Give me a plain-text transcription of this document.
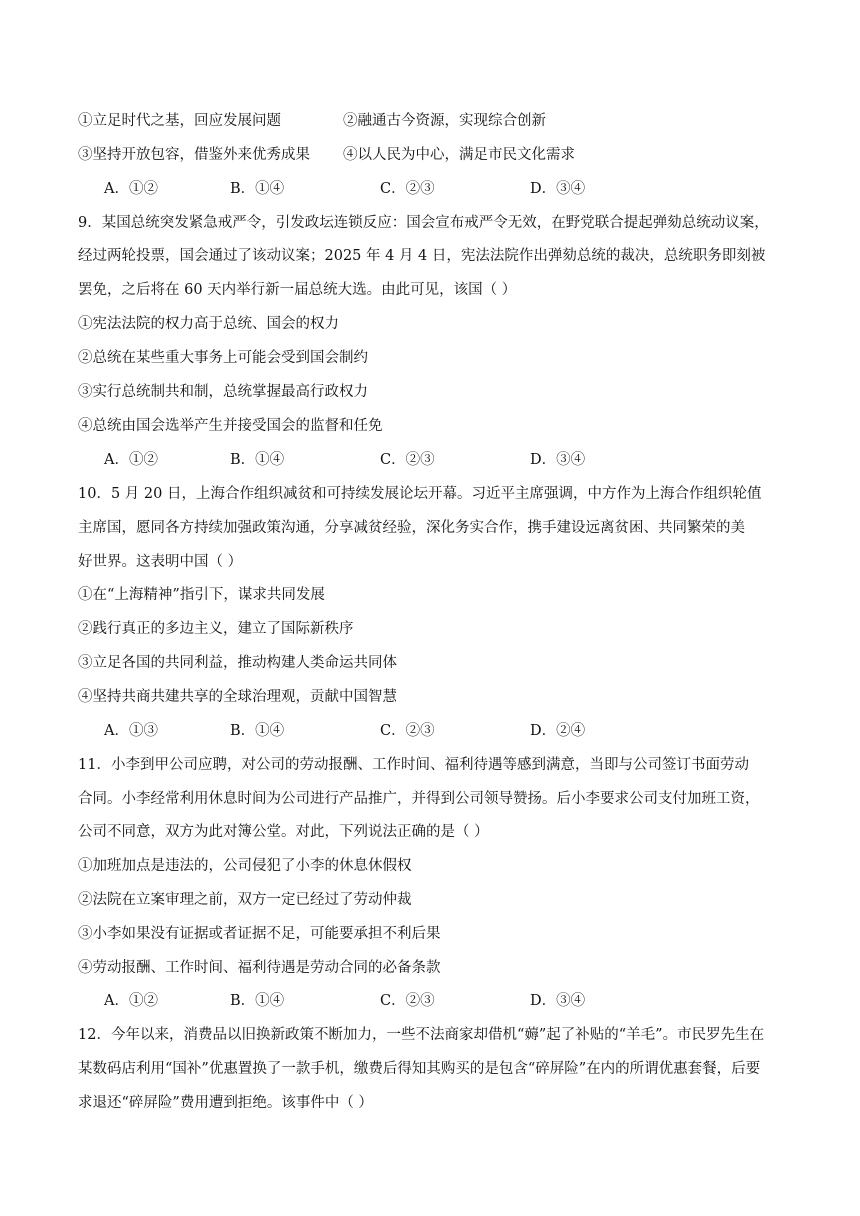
①立足时代之基，回应发展问题	②融通古今资源，实现综合创新
③坚持开放包容，借鉴外来优秀成果 ④以人民为中心，满足市民文化需求
A．①②	B．①④	C．②③	D．③④
9．某国总统突发紧急戒严令，引发政坛连锁反应：国会宣布戒严令无效，在野党联合提起弹劾总统动议案，
经过两轮投票，国会通过了该动议案；2025 年 4 月 4 日，宪法法院作出弹劾总统的裁决，总统职务即刻被
罢免，之后将在 60 天内举行新一届总统大选。由此可见，该国（ ）
①宪法法院的权力高于总统、国会的权力
②总统在某些重大事务上可能会受到国会制约
③实行总统制共和制，总统掌握最高行政权力
④总统由国会选举产生并接受国会的监督和任免
A．①②	B．①④	C．②③	D．③④
10．5 月 20 日，上海合作组织减贫和可持续发展论坛开幕。习近平主席强调，中方作为上海合作组织轮值
主席国，愿同各方持续加强政策沟通，分享减贫经验，深化务实合作，携手建设远离贫困、共同繁荣的美
好世界。这表明中国（ ）
①在“上海精神”指引下，谋求共同发展
②践行真正的多边主义，建立了国际新秩序
③立足各国的共同利益，推动构建人类命运共同体
④坚持共商共建共享的全球治理观，贡献中国智慧
A．①③	B．①④	C．②③	D．②④
11．小李到甲公司应聘，对公司的劳动报酬、工作时间、福利待遇等感到满意，当即与公司签订书面劳动
合同。小李经常利用休息时间为公司进行产品推广，并得到公司领导赞扬。后小李要求公司支付加班工资，
公司不同意，双方为此对簿公堂。对此，下列说法正确的是（ ）
①加班加点是违法的，公司侵犯了小李的休息休假权
②法院在立案审理之前，双方一定已经过了劳动仲裁
③小李如果没有证据或者证据不足，可能要承担不利后果
④劳动报酬、工作时间、福利待遇是劳动合同的必备条款
A．①②	B．①④	C．②③	D．③④
12．今年以来，消费品以旧换新政策不断加力，一些不法商家却借机“薅”起了补贴的“羊毛”。市民罗先生在
某数码店利用“国补”优惠置换了一款手机，缴费后得知其购买的是包含“碎屏险”在内的所谓优惠套餐，后要
求退还“碎屏险”费用遭到拒绝。该事件中（ ）
